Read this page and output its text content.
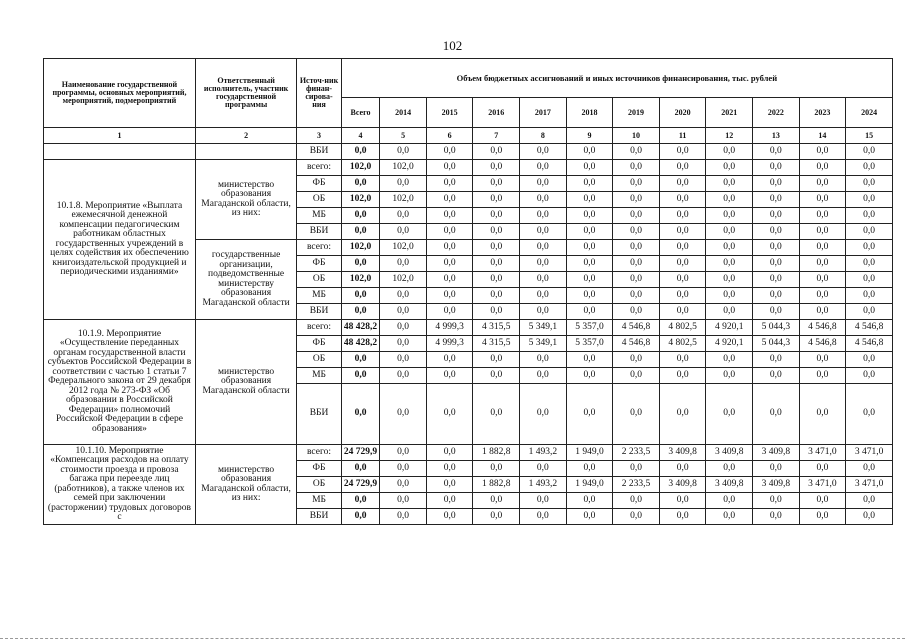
102
Наименование государственной программы, основных мероприятий, мероприятий, подмероприятий	Ответственный исполнитель, участник государственной программы	Источ-ник финан-сирова-ния	Объем бюджетных ассигнований и иных источников финансирования, тыс. рублей											
			Всего	2014	2015	2016	2017	2018	2019	2020	2021	2022	2023	2024
1	2	3	4	5	6	7	8	9	10	11	12	13	14	15
		ВБИ	0,0	0,0	0,0	0,0	0,0	0,0	0,0	0,0	0,0	0,0	0,0	0,0
10.1.8. Мероприятие «Выплата ежемесячной денежной компенсации педагогическим работникам областных государственных учреждений в целях содействия их обеспечению книгоиздательской продукцией и периодическими изданиями»	министерство образования Магаданской области, из них:	всего:	102,0	102,0	0,0	0,0	0,0	0,0	0,0	0,0	0,0	0,0	0,0	0,0
		ФБ	0,0	0,0	0,0	0,0	0,0	0,0	0,0	0,0	0,0	0,0	0,0	0,0
		ОБ	102,0	102,0	0,0	0,0	0,0	0,0	0,0	0,0	0,0	0,0	0,0	0,0
		МБ	0,0	0,0	0,0	0,0	0,0	0,0	0,0	0,0	0,0	0,0	0,0	0,0
		ВБИ	0,0	0,0	0,0	0,0	0,0	0,0	0,0	0,0	0,0	0,0	0,0	0,0
	государственные организации, подведомственные министерству образования Магаданской области	всего:	102,0	102,0	0,0	0,0	0,0	0,0	0,0	0,0	0,0	0,0	0,0	0,0
		ФБ	0,0	0,0	0,0	0,0	0,0	0,0	0,0	0,0	0,0	0,0	0,0	0,0
		ОБ	102,0	102,0	0,0	0,0	0,0	0,0	0,0	0,0	0,0	0,0	0,0	0,0
		МБ	0,0	0,0	0,0	0,0	0,0	0,0	0,0	0,0	0,0	0,0	0,0	0,0
		ВБИ	0,0	0,0	0,0	0,0	0,0	0,0	0,0	0,0	0,0	0,0	0,0	0,0
10.1.9. Мероприятие «Осуществление переданных органам государственной власти субъектов Российской Федерации в соответствии с частью 1 статьи 7 Федерального закона от 29 декабря 2012 года № 273-ФЗ «Об образовании в Российской Федерации» полномочий Российской Федерации в сфере образования»	министерство образования Магаданской области	всего:	48 428,2	0,0	4 999,3	4 315,5	5 349,1	5 357,0	4 546,8	4 802,5	4 920,1	5 044,3	4 546,8	4 546,8
		ФБ	48 428,2	0,0	4 999,3	4 315,5	5 349,1	5 357,0	4 546,8	4 802,5	4 920,1	5 044,3	4 546,8	4 546,8
		ОБ	0,0	0,0	0,0	0,0	0,0	0,0	0,0	0,0	0,0	0,0	0,0	0,0
		МБ	0,0	0,0	0,0	0,0	0,0	0,0	0,0	0,0	0,0	0,0	0,0	0,0
		ВБИ	0,0	0,0	0,0	0,0	0,0	0,0	0,0	0,0	0,0	0,0	0,0	0,0
10.1.10. Мероприятие «Компенсация расходов на оплату стоимости проезда и провоза багажа при переезде лиц (работников), а также членов их семей при заключении (расторжении) трудовых договоров с	министерство образования Магаданской области, из них:	всего:	24 729,9	0,0	0,0	1 882,8	1 493,2	1 949,0	2 233,5	3 409,8	3 409,8	3 409,8	3 471,0	3 471,0
		ФБ	0,0	0,0	0,0	0,0	0,0	0,0	0,0	0,0	0,0	0,0	0,0	0,0
		ОБ	24 729,9	0,0	0,0	1 882,8	1 493,2	1 949,0	2 233,5	3 409,8	3 409,8	3 409,8	3 471,0	3 471,0
		МБ	0,0	0,0	0,0	0,0	0,0	0,0	0,0	0,0	0,0	0,0	0,0	0,0
		ВБИ	0,0	0,0	0,0	0,0	0,0	0,0	0,0	0,0	0,0	0,0	0,0	0,0
